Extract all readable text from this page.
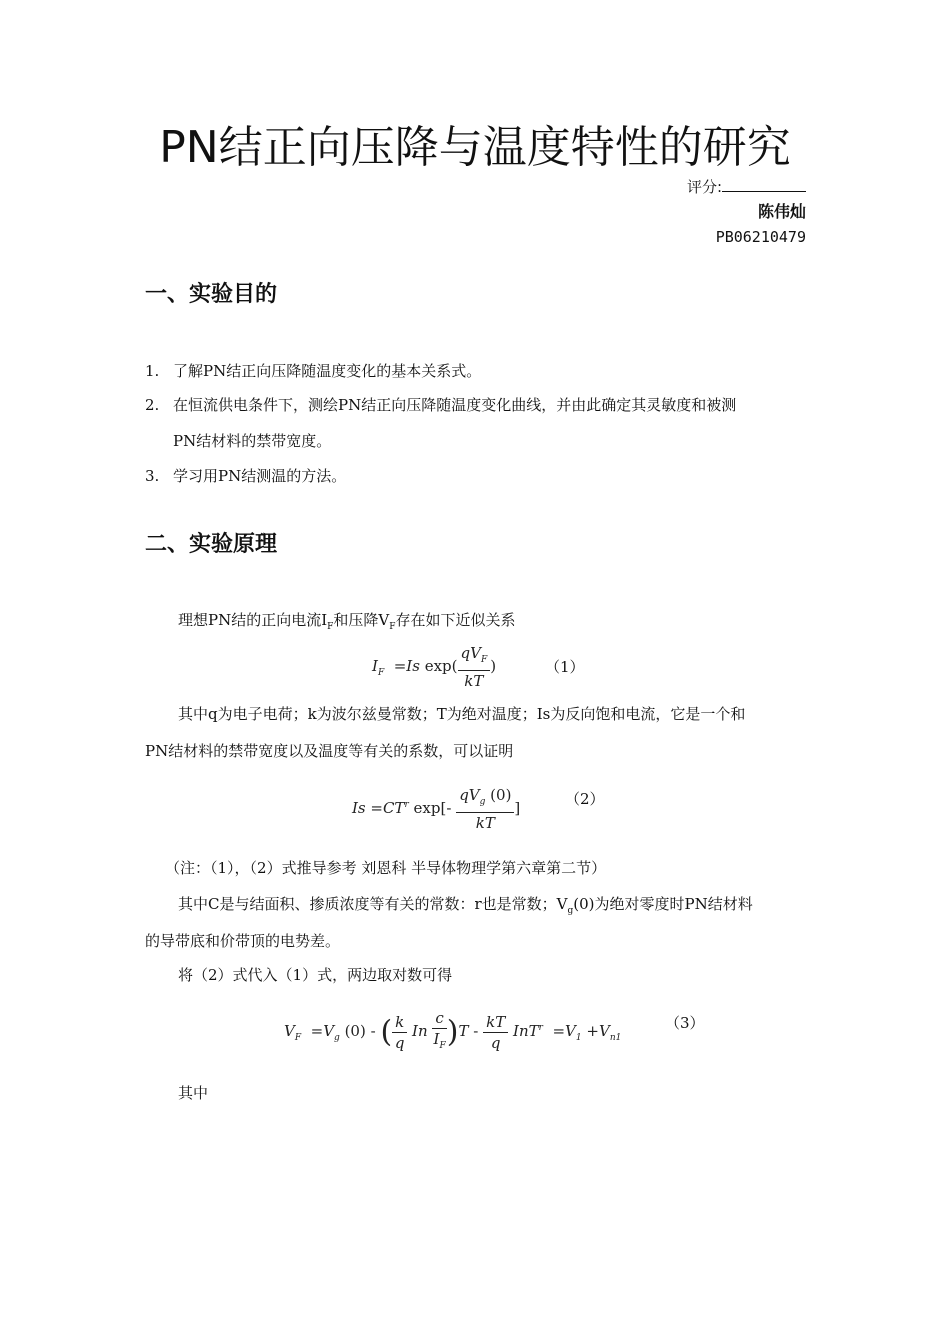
PN结正向压降与温度特性的研究
评分:
陈伟灿
PB06210479
一、实验目的
1. 了解PN结正向压降随温度变化的基本关系式。
2. 在恒流供电条件下，测绘PN结正向压降随温度变化曲线，并由此确定其灵敏度和被测
PN结材料的禁带宽度。
3. 学习用PN结测温的方法。
二、实验原理
理想PN结的正向电流$I_F$和压降$V_F$存在如下近似关系
$I_F =Is$ $\exp( \frac{qV_F}{kT}$ )	（1）
其中q为电子电荷；k为波尔兹曼常数；T为绝对温度；Is为反向饱和电流，它是一个和
PN结材料的禁带宽度以及温度等有关的系数，可以证明
$Is =CT^r$ $\exp[- \frac{qV_g (0)}{kT}$ ]	（2）
（注：（1），（2）式推导参考 刘恩科 半导体物理学第六章第二节）
其中C是与结面积、掺质浓度等有关的常数：r也是常数；$V_g(0)$为绝对零度时PN结材料
的导带底和价带顶的电势差。
将（2）式代入（1）式，两边取对数可得
$V_F =V_g$ (0) - ( $\frac{k}{q}$ In $\frac{c}{I_F} )T - \frac{kT}{q} InT^r =V_1 +V_{n1}$
（3）
其中
